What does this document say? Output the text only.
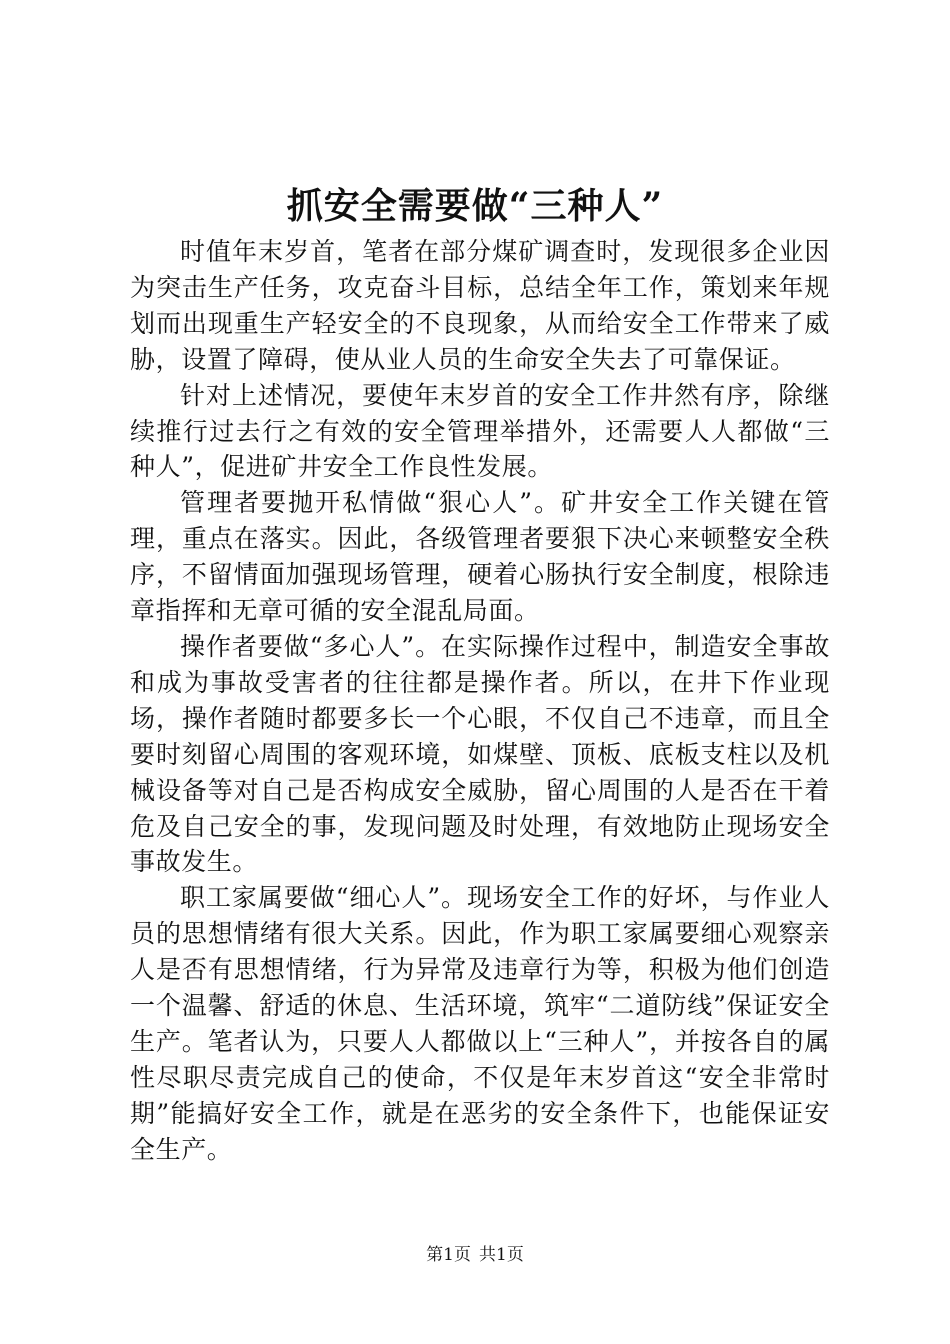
抓安全需要做“三种人”

时值年末岁首，笔者在部分煤矿调查时，发现很多企业因为突击生产任务，攻克奋斗目标，总结全年工作，策划来年规划而出现重生产轻安全的不良现象，从而给安全工作带来了威胁，设置了障碍，使从业人员的生命安全失去了可靠保证。

针对上述情况，要使年末岁首的安全工作井然有序，除继续推行过去行之有效的安全管理举措外，还需要人人都做“三种人”，促进矿井安全工作良性发展。

管理者要抛开私情做“狠心人”。矿井安全工作关键在管理，重点在落实。因此，各级管理者要狠下决心来顿整安全秩序，不留情面加强现场管理，硬着心肠执行安全制度，根除违章指挥和无章可循的安全混乱局面。

操作者要做“多心人”。在实际操作过程中，制造安全事故和成为事故受害者的往往都是操作者。所以，在井下作业现场，操作者随时都要多长一个心眼，不仅自己不违章，而且全要时刻留心周围的客观环境，如煤壁、顶板、底板支柱以及机械设备等对自己是否构成安全威胁，留心周围的人是否在干着危及自己安全的事，发现问题及时处理，有效地防止现场安全事故发生。

职工家属要做“细心人”。现场安全工作的好坏，与作业人员的思想情绪有很大关系。因此，作为职工家属要细心观察亲人是否有思想情绪，行为异常及违章行为等，积极为他们创造一个温馨、舒适的休息、生活环境，筑牢“二道防线”保证安全生产。笔者认为，只要人人都做以上“三种人”，并按各自的属性尽职尽责完成自己的使命，不仅是年末岁首这“安全非常时期”能搞好安全工作，就是在恶劣的安全条件下，也能保证安全生产。

第1页 共1页
